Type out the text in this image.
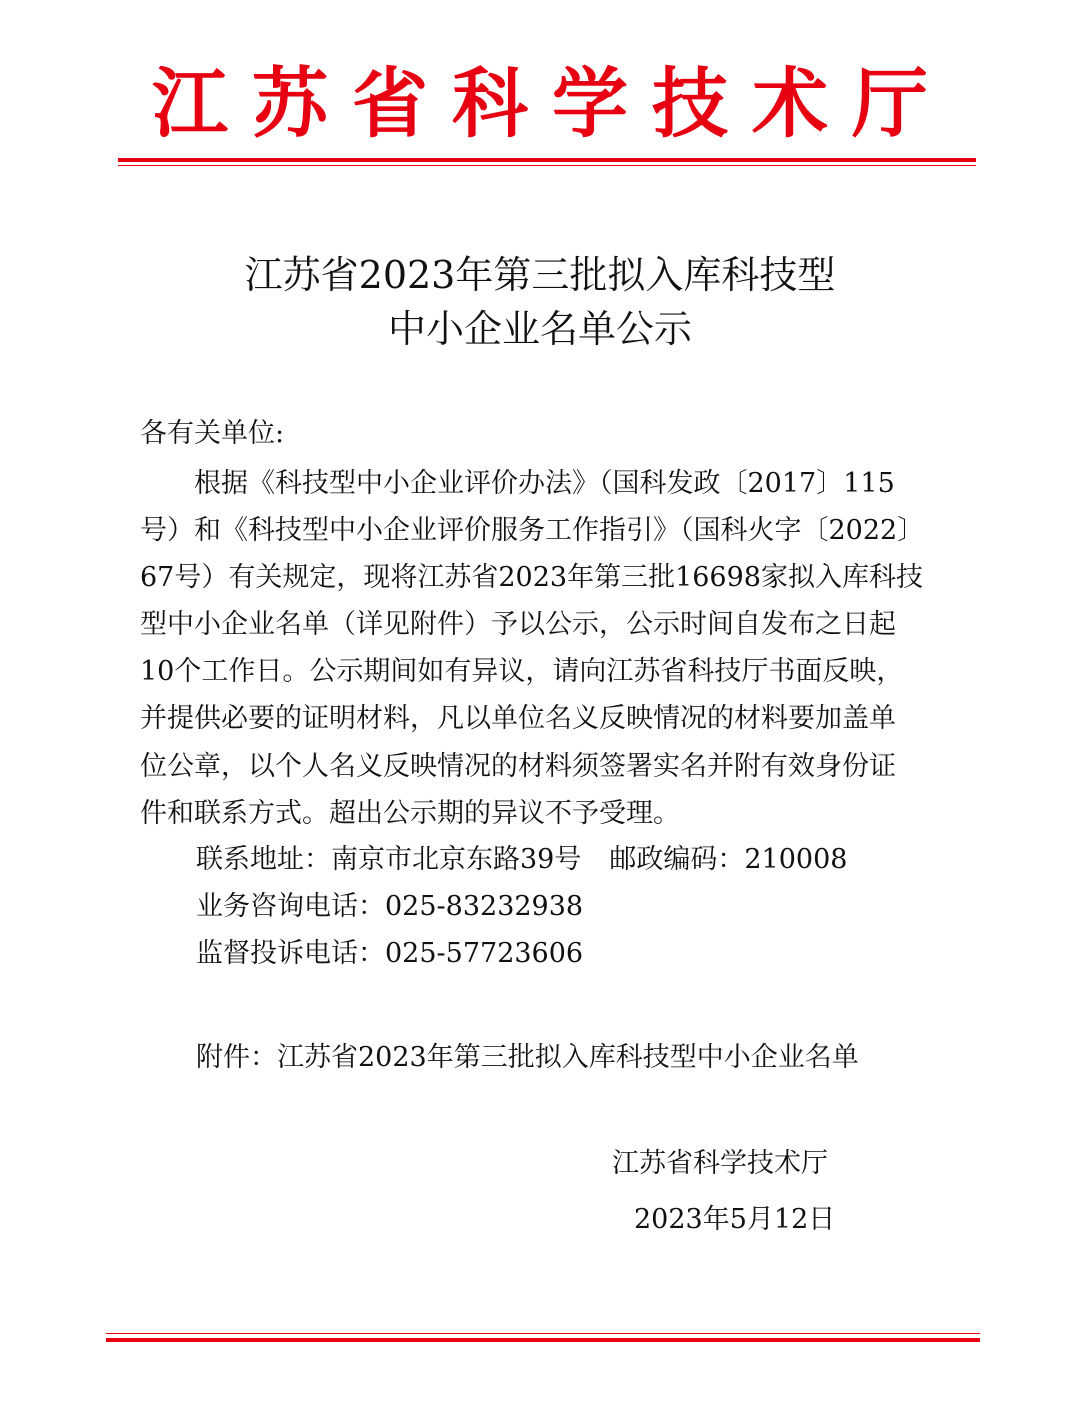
江苏省科学技术厅
江苏省2023年第三批拟入库科技型
中小企业名单公示
各有关单位:
　　根据《科技型中小企业评价办法》（国科发政〔2017〕115
号）和《科技型中小企业评价服务工作指引》（国科火字〔2022〕
67号）有关规定，现将江苏省2023年第三批16698家拟入库科技
型中小企业名单（详见附件）予以公示，公示时间自发布之日起
10个工作日。公示期间如有异议，请向江苏省科技厅书面反映，
并提供必要的证明材料，凡以单位名义反映情况的材料要加盖单
位公章，以个人名义反映情况的材料须签署实名并附有效身份证
件和联系方式。超出公示期的异议不予受理。
联系地址：南京市北京东路39号 邮政编码：210008
业务咨询电话：025-83232938
监督投诉电话：025-57723606
附件：江苏省2023年第三批拟入库科技型中小企业名单
江苏省科学技术厅
2023年5月12日
